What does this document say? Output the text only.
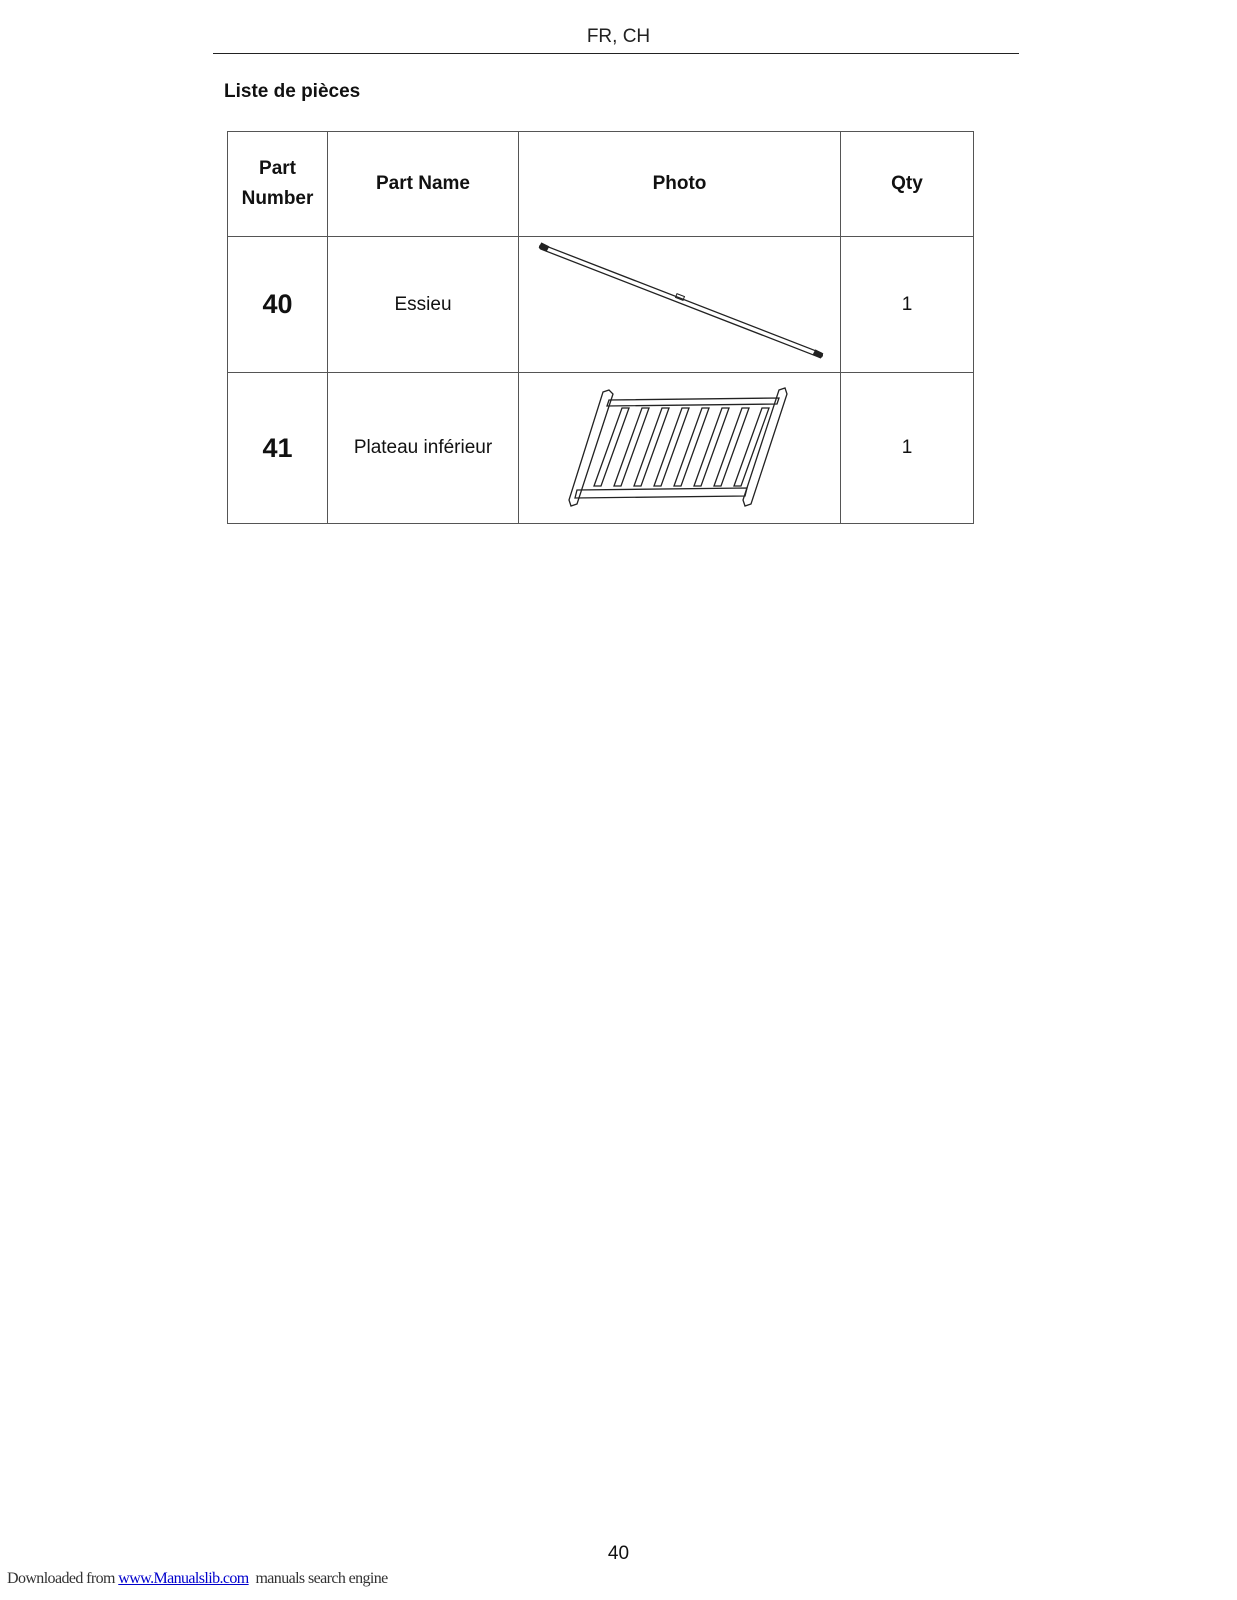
FR, CH
Liste de pièces
Part Number	Part Name	Photo	Qty
40	Essieu		1
41	Plateau inférieur		1
40
Downloaded from www.Manualslib.com  manuals search engine
